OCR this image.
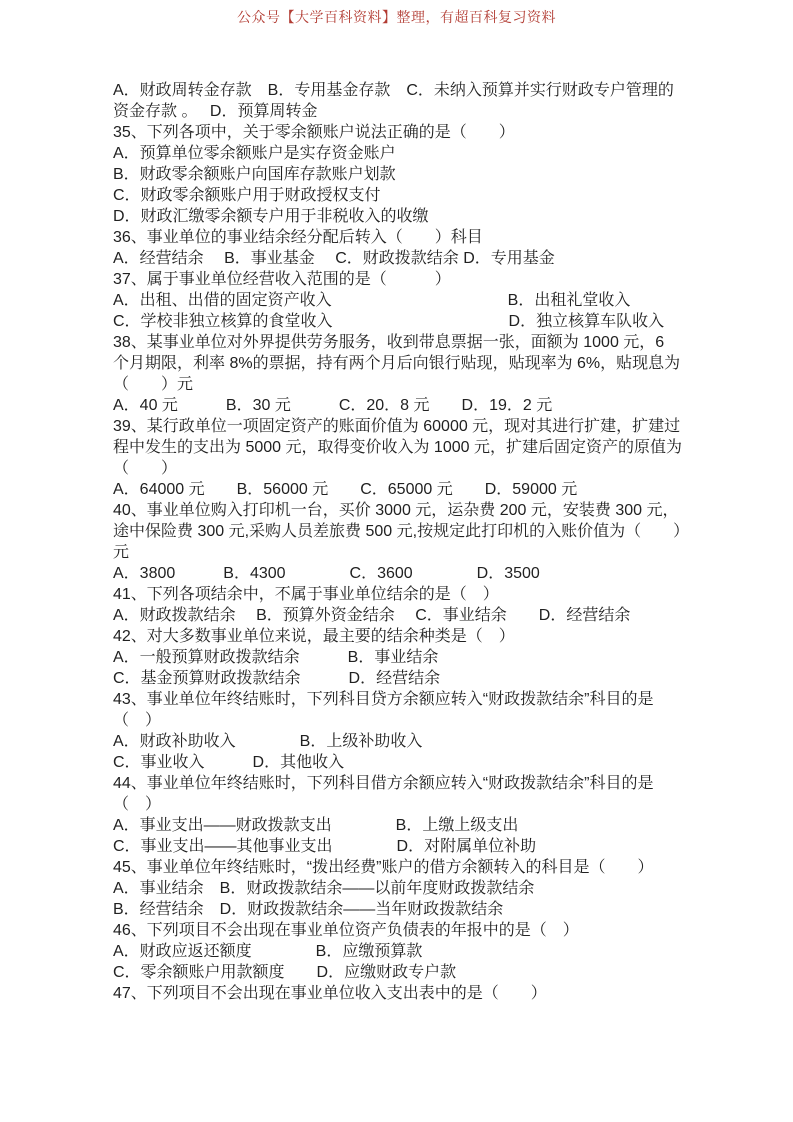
公众号【大学百科资料】整理，有超百科复习资料
A．财政周转金存款　B．专用基金存款　C．未纳入预算并实行财政专户管理的
资金存款 。　 D．预算周转金
35、下列各项中，关于零余额账户说法正确的是（　　）
A．预算单位零余额账户是实存资金账户
B．财政零余额账户向国库存款账户划款
C．财政零余额账户用于财政授权支付
D．财政汇缴零余额专户用于非税收入的收缴
36、事业单位的事业结余经分配后转入（　　）科目
A．经营结余　 B．事业基金　 C．财政拨款结余 D．专用基金
37、属于事业单位经营收入范围的是（　　　）
A．出租、出借的固定资产收入　　　　　　　　　　　B．出租礼堂收入
C．学校非独立核算的食堂收入　　　　　　　　　　　D．独立核算车队收入
38、某事业单位对外界提供劳务服务，收到带息票据一张，面额为 1000 元，6
个月期限，利率 8%的票据，持有两个月后向银行贴现，贴现率为 6%，贴现息为
（　　）元
A．40 元　　　B．30 元　　　C．20．8 元　　D．19．2 元
39、某行政单位一项固定资产的账面价值为 60000 元，现对其进行扩建，扩建过
程中发生的支出为 5000 元，取得变价收入为 1000 元，扩建后固定资产的原值为
（　　）
A．64000 元　　B．56000 元　　C．65000 元　　D．59000 元
40、事业单位购入打印机一台，买价 3000 元，运杂费 200 元，安装费 300 元，
途中保险费 300 元,采购人员差旅费 500 元,按规定此打印机的入账价值为（　　）
元
A．3800　　　B．4300　　　　C．3600　　　　D．3500
41、下列各项结余中，不属于事业单位结余的是（　）
A．财政拨款结余　 B．预算外资金结余　 C．事业结余　　D．经营结余
42、对大多数事业单位来说，最主要的结余种类是（　）
A．一般预算财政拨款结余　　　B．事业结余
C．基金预算财政拨款结余　　　D．经营结余
43、事业单位年终结账时，下列科目贷方余额应转入“财政拨款结余”科目的是
（　）
A．财政补助收入　　　　B．上级补助收入
C．事业收入　　　D．其他收入
44、事业单位年终结账时，下列科目借方余额应转入“财政拨款结余”科目的是
（　）
A．事业支出——财政拨款支出　　　　B．上缴上级支出
C．事业支出——其他事业支出　　　　D．对附属单位补助
45、事业单位年终结账时，“拨出经费”账户的借方余额转入的科目是（　　）
A．事业结余　B．财政拨款结余——以前年度财政拨款结余
B．经营结余　D．财政拨款结余——当年财政拨款结余
46、下列项目不会出现在事业单位资产负债表的年报中的是（　）
A．财政应返还额度　　　　B．应缴预算款
C．零余额账户用款额度　　D．应缴财政专户款
47、下列项目不会出现在事业单位收入支出表中的是（　　）
